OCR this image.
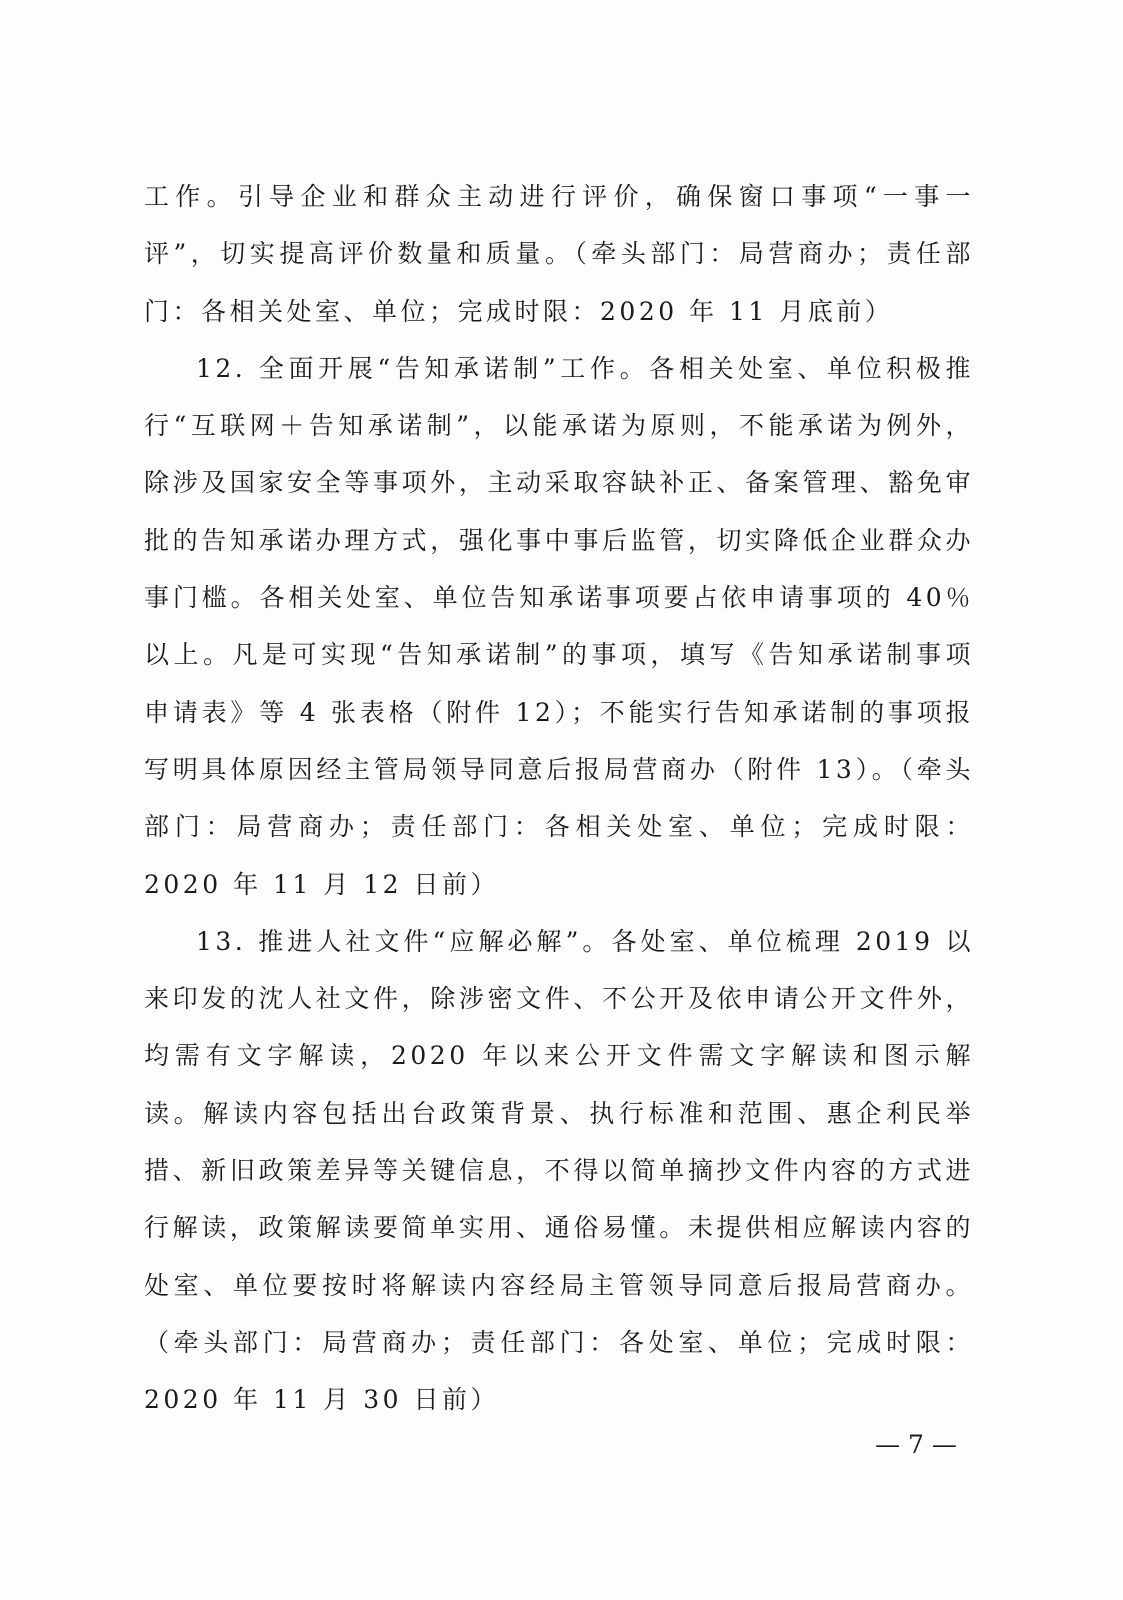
工作。引导企业和群众主动进行评价，确保窗口事项“一事一评”，切实提高评价数量和质量。（牵头部门：局营商办；责任部门：各相关处室、单位；完成时限：2020 年 11 月底前）

12. 全面开展“告知承诺制”工作。各相关处室、单位积极推行“互联网＋告知承诺制”，以能承诺为原则，不能承诺为例外，除涉及国家安全等事项外，主动采取容缺补正、备案管理、豁免审批的告知承诺办理方式，强化事中事后监管，切实降低企业群众办事门槛。各相关处室、单位告知承诺事项要占依申请事项的 40％以上。凡是可实现“告知承诺制”的事项，填写《告知承诺制事项申请表》等 4 张表格（附件 12）；不能实行告知承诺制的事项报写明具体原因经主管局领导同意后报局营商办（附件 13）。（牵头部门：局营商办；责任部门：各相关处室、单位；完成时限：2020 年 11 月 12 日前）

13. 推进人社文件“应解必解”。各处室、单位梳理 2019 以来印发的沈人社文件，除涉密文件、不公开及依申请公开文件外，均需有文字解读，2020 年以来公开文件需文字解读和图示解读。解读内容包括出台政策背景、执行标准和范围、惠企利民举措、新旧政策差异等关键信息，不得以简单摘抄文件内容的方式进行解读，政策解读要简单实用、通俗易懂。未提供相应解读内容的处室、单位要按时将解读内容经局主管领导同意后报局营商办。（牵头部门：局营商办；责任部门：各处室、单位；完成时限：2020 年 11 月 30 日前）

— 7 —
